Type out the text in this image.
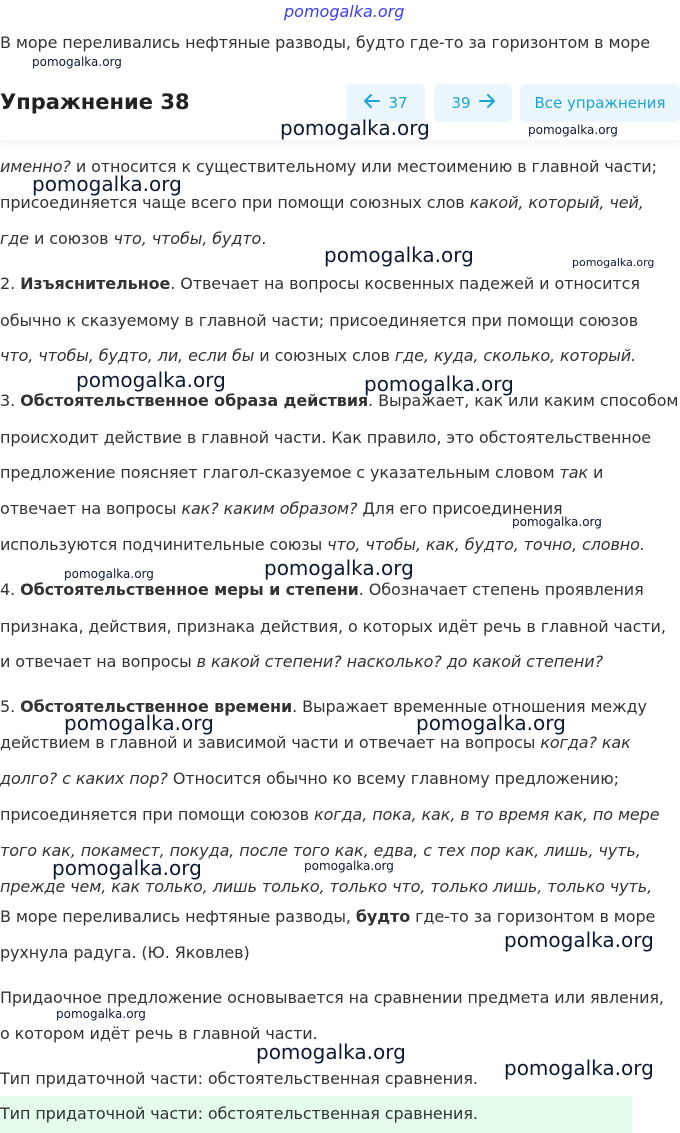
pomogalka.org
В море переливались нефтяные разводы, будто где-то за горизонтом в море
pomogalka.org
Упражнение 38	37	39	Все упражнения
именно? и относится к существительному или местоимению в главной части;
присоединяется чаще всего при помощи союзных слов какой, который, чей,
где и союзов что, чтобы, будто.
2. Изъяснительное. Отвечает на вопросы косвенных падежей и относится
обычно к сказуемому в главной части; присоединяется при помощи союзов
что, чтобы, будто, ли, если бы и союзных слов где, куда, сколько, который.
3. Обстоятельственное образа действия. Выражает, как или каким способом
происходит действие в главной части. Как правило, это обстоятельственное
предложение поясняет глагол-сказуемое с указательным словом так и
отвечает на вопросы как? каким образом? Для его присоединения
используются подчинительные союзы что, чтобы, как, будто, точно, словно.
4. Обстоятельственное меры и степени. Обозначает степень проявления
признака, действия, признака действия, о которых идёт речь в главной части,
и отвечает на вопросы в какой степени? насколько? до какой степени?
5. Обстоятельственное времени. Выражает временные отношения между
действием в главной и зависимой части и отвечает на вопросы когда? как
долго? с каких пор? Относится обычно ко всему главному предложению;
присоединяется при помощи союзов когда, пока, как, в то время как, по мере
того как, покамест, покуда, после того как, едва, с тех пор как, лишь, чуть,
прежде чем, как только, лишь только, только что, только лишь, только чуть,
В море переливались нефтяные разводы, будто где-то за горизонтом в море
рухнула радуга. (Ю. Яковлев)
Придаочное предложение основывается на сравнении предмета или явления,
о котором идёт речь в главной части.
Тип придаточной части: обстоятельственная сравнения.
Тип придаточной части: обстоятельственная сравнения.
pomogalka.org	pomogalka.org
pomogalka.org
pomogalka.org	pomogalka.org
pomogalka.org	pomogalka.org
pomogalka.org
pomogalka.org
pomogalka.org
pomogalka.org	pomogalka.org
pomogalka.org	pomogalka.org
pomogalka.org
pomogalka.org
pomogalka.org
pomogalka.org
